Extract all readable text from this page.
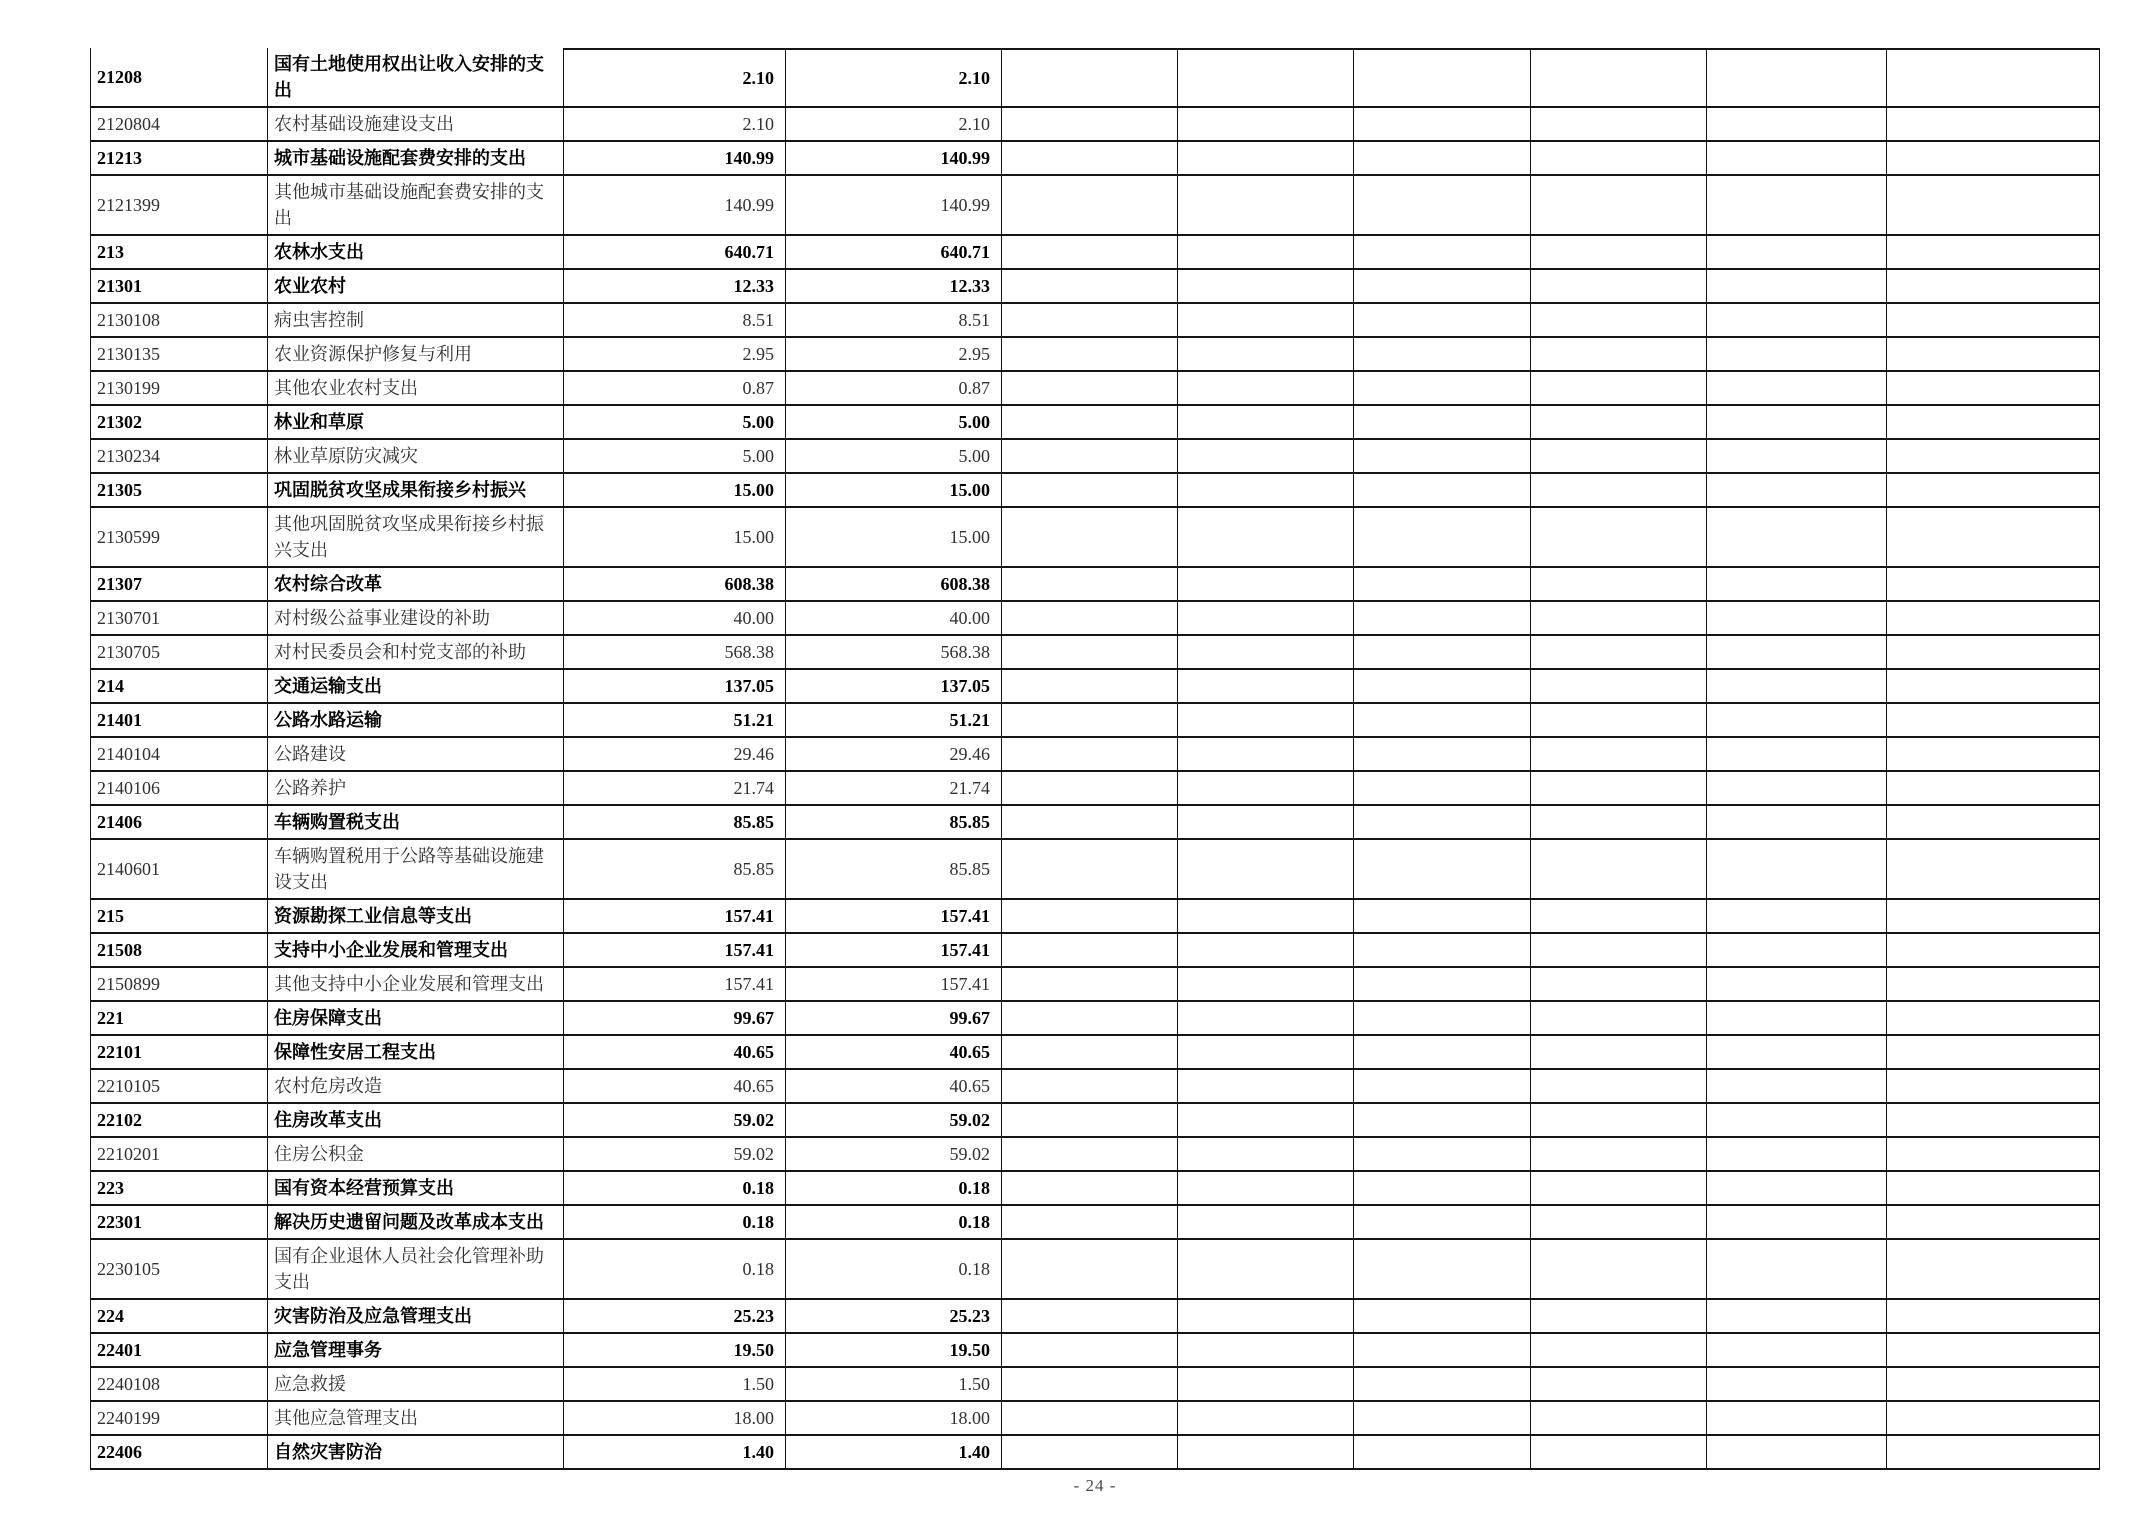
21208	国有土地使用权出让收入安排的支出	2.10	2.10						
2120804	农村基础设施建设支出	2.10	2.10						
21213	城市基础设施配套费安排的支出	140.99	140.99						
2121399	其他城市基础设施配套费安排的支出	140.99	140.99						
213	农林水支出	640.71	640.71						
21301	农业农村	12.33	12.33						
2130108	病虫害控制	8.51	8.51						
2130135	农业资源保护修复与利用	2.95	2.95						
2130199	其他农业农村支出	0.87	0.87						
21302	林业和草原	5.00	5.00						
2130234	林业草原防灾减灾	5.00	5.00						
21305	巩固脱贫攻坚成果衔接乡村振兴	15.00	15.00						
2130599	其他巩固脱贫攻坚成果衔接乡村振兴支出	15.00	15.00						
21307	农村综合改革	608.38	608.38						
2130701	对村级公益事业建设的补助	40.00	40.00						
2130705	对村民委员会和村党支部的补助	568.38	568.38						
214	交通运输支出	137.05	137.05						
21401	公路水路运输	51.21	51.21						
2140104	公路建设	29.46	29.46						
2140106	公路养护	21.74	21.74						
21406	车辆购置税支出	85.85	85.85						
2140601	车辆购置税用于公路等基础设施建设支出	85.85	85.85						
215	资源勘探工业信息等支出	157.41	157.41						
21508	支持中小企业发展和管理支出	157.41	157.41						
2150899	其他支持中小企业发展和管理支出	157.41	157.41						
221	住房保障支出	99.67	99.67						
22101	保障性安居工程支出	40.65	40.65						
2210105	农村危房改造	40.65	40.65						
22102	住房改革支出	59.02	59.02						
2210201	住房公积金	59.02	59.02						
223	国有资本经营预算支出	0.18	0.18						
22301	解决历史遗留问题及改革成本支出	0.18	0.18						
2230105	国有企业退休人员社会化管理补助支出	0.18	0.18						
224	灾害防治及应急管理支出	25.23	25.23						
22401	应急管理事务	19.50	19.50						
2240108	应急救援	1.50	1.50						
2240199	其他应急管理支出	18.00	18.00						
22406	自然灾害防治	1.40	1.40						
- 24 -
